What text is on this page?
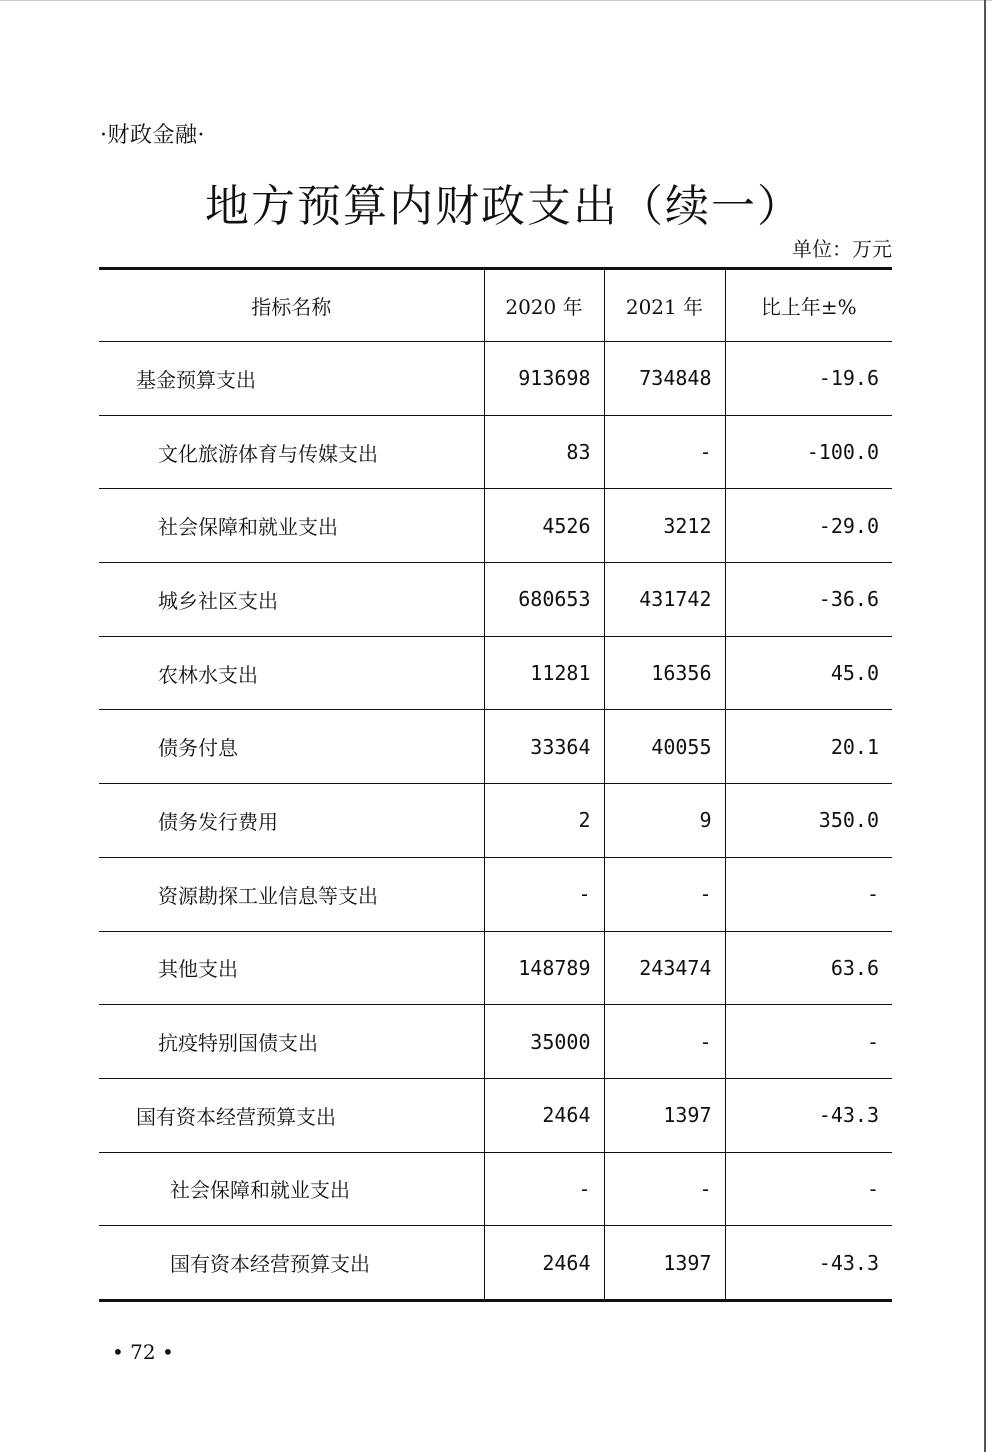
·财政金融·
地方预算内财政支出（续一）
单位：万元
指标名称	2020 年	2021 年	比上年±%
基金预算支出	913698	734848	-19.6
文化旅游体育与传媒支出	83	-	-100.0
社会保障和就业支出	4526	3212	-29.0
城乡社区支出	680653	431742	-36.6
农林水支出	11281	16356	45.0
债务付息	33364	40055	20.1
债务发行费用	2	9	350.0
资源勘探工业信息等支出	-	-	-
其他支出	148789	243474	63.6
抗疫特别国债支出	35000	-	-
国有资本经营预算支出	2464	1397	-43.3
社会保障和就业支出	-	-	-
国有资本经营预算支出	2464	1397	-43.3
• 72 •
